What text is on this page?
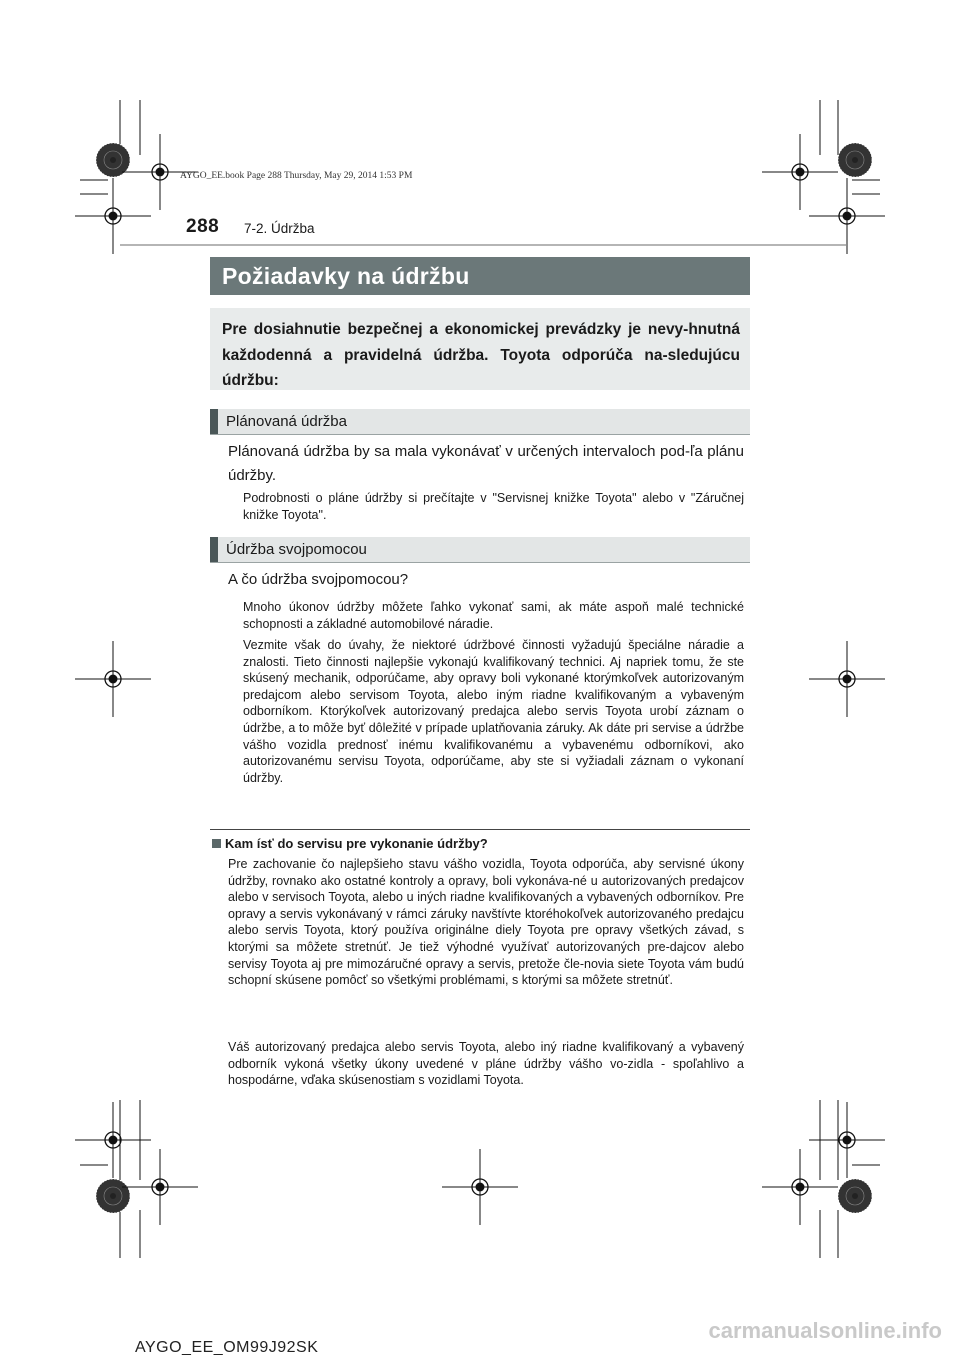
AYGO_EE.book Page 288 Thursday, May 29, 2014 1:53 PM
288 7-2. Údržba
Požiadavky na údržbu
Pre dosiahnutie bezpečnej a ekonomickej prevádzky je nevy-hnutná každodenná a pravidelná údržba. Toyota odporúča na-sledujúcu údržbu:
Plánovaná údržba
Plánovaná údržba by sa mala vykonávať v určených intervaloch pod-ľa plánu údržby.
Podrobnosti o pláne údržby si prečítajte v "Servisnej knižke Toyota" alebo v "Záručnej knižke Toyota".
Údržba svojpomocou
A čo údržba svojpomocou?
Mnoho úkonov údržby môžete ľahko vykonať sami, ak máte aspoň malé technické schopnosti a základné automobilové náradie.
Vezmite však do úvahy, že niektoré údržbové činnosti vyžadujú špeciálne náradie a znalosti. Tieto činnosti najlepšie vykonajú kvalifikovaný technici. Aj napriek tomu, že ste skúsený mechanik, odporúčame, aby opravy boli vykonané ktorýmkoľvek autorizovaným predajcom alebo servisom Toyota, alebo iným riadne kvalifikovaným a vybaveným odborníkom. Ktorýkoľvek autorizovaný predajca alebo servis Toyota urobí záznam o údržbe, a to môže byť dôležité v prípade uplatňovania záruky. Ak dáte pri servise a údržbe vášho vozidla prednosť inému kvalifikovanému a vybavenému odborníkovi, ako autorizovanému servisu Toyota, odporúčame, aby ste si vyžiadali záznam o vykonaní údržby.
Kam ísť do servisu pre vykonanie údržby?
Pre zachovanie čo najlepšieho stavu vášho vozidla, Toyota odporúča, aby servisné úkony údržby, rovnako ako ostatné kontroly a opravy, boli vykonáva-né u autorizovaných predajcov alebo v servisoch Toyota, alebo u iných riadne kvalifikovaných a vybavených odborníkov. Pre opravy a servis vykonávaný v rámci záruky navštívte ktoréhokoľvek autorizovaného predajcu alebo servis Toyota, ktorý používa originálne diely Toyota pre opravy všetkých závad, s ktorými sa môžete stretnúť. Je tiež výhodné využívať autorizovaných pre-dajcov alebo servisy Toyota aj pre mimozáručné opravy a servis, pretože čle-novia siete Toyota vám budú schopní skúsene pomôcť so všetkými problémami, s ktorými sa môžete stretnúť.
Váš autorizovaný predajca alebo servis Toyota, alebo iný riadne kvalifikovaný a vybavený odborník vykoná všetky úkony uvedené v pláne údržby vášho vo-zidla - spoľahlivo a hospodárne, vďaka skúsenostiam s vozidlami Toyota.
AYGO_EE_OM99J92SK
carmanualsonline.info
